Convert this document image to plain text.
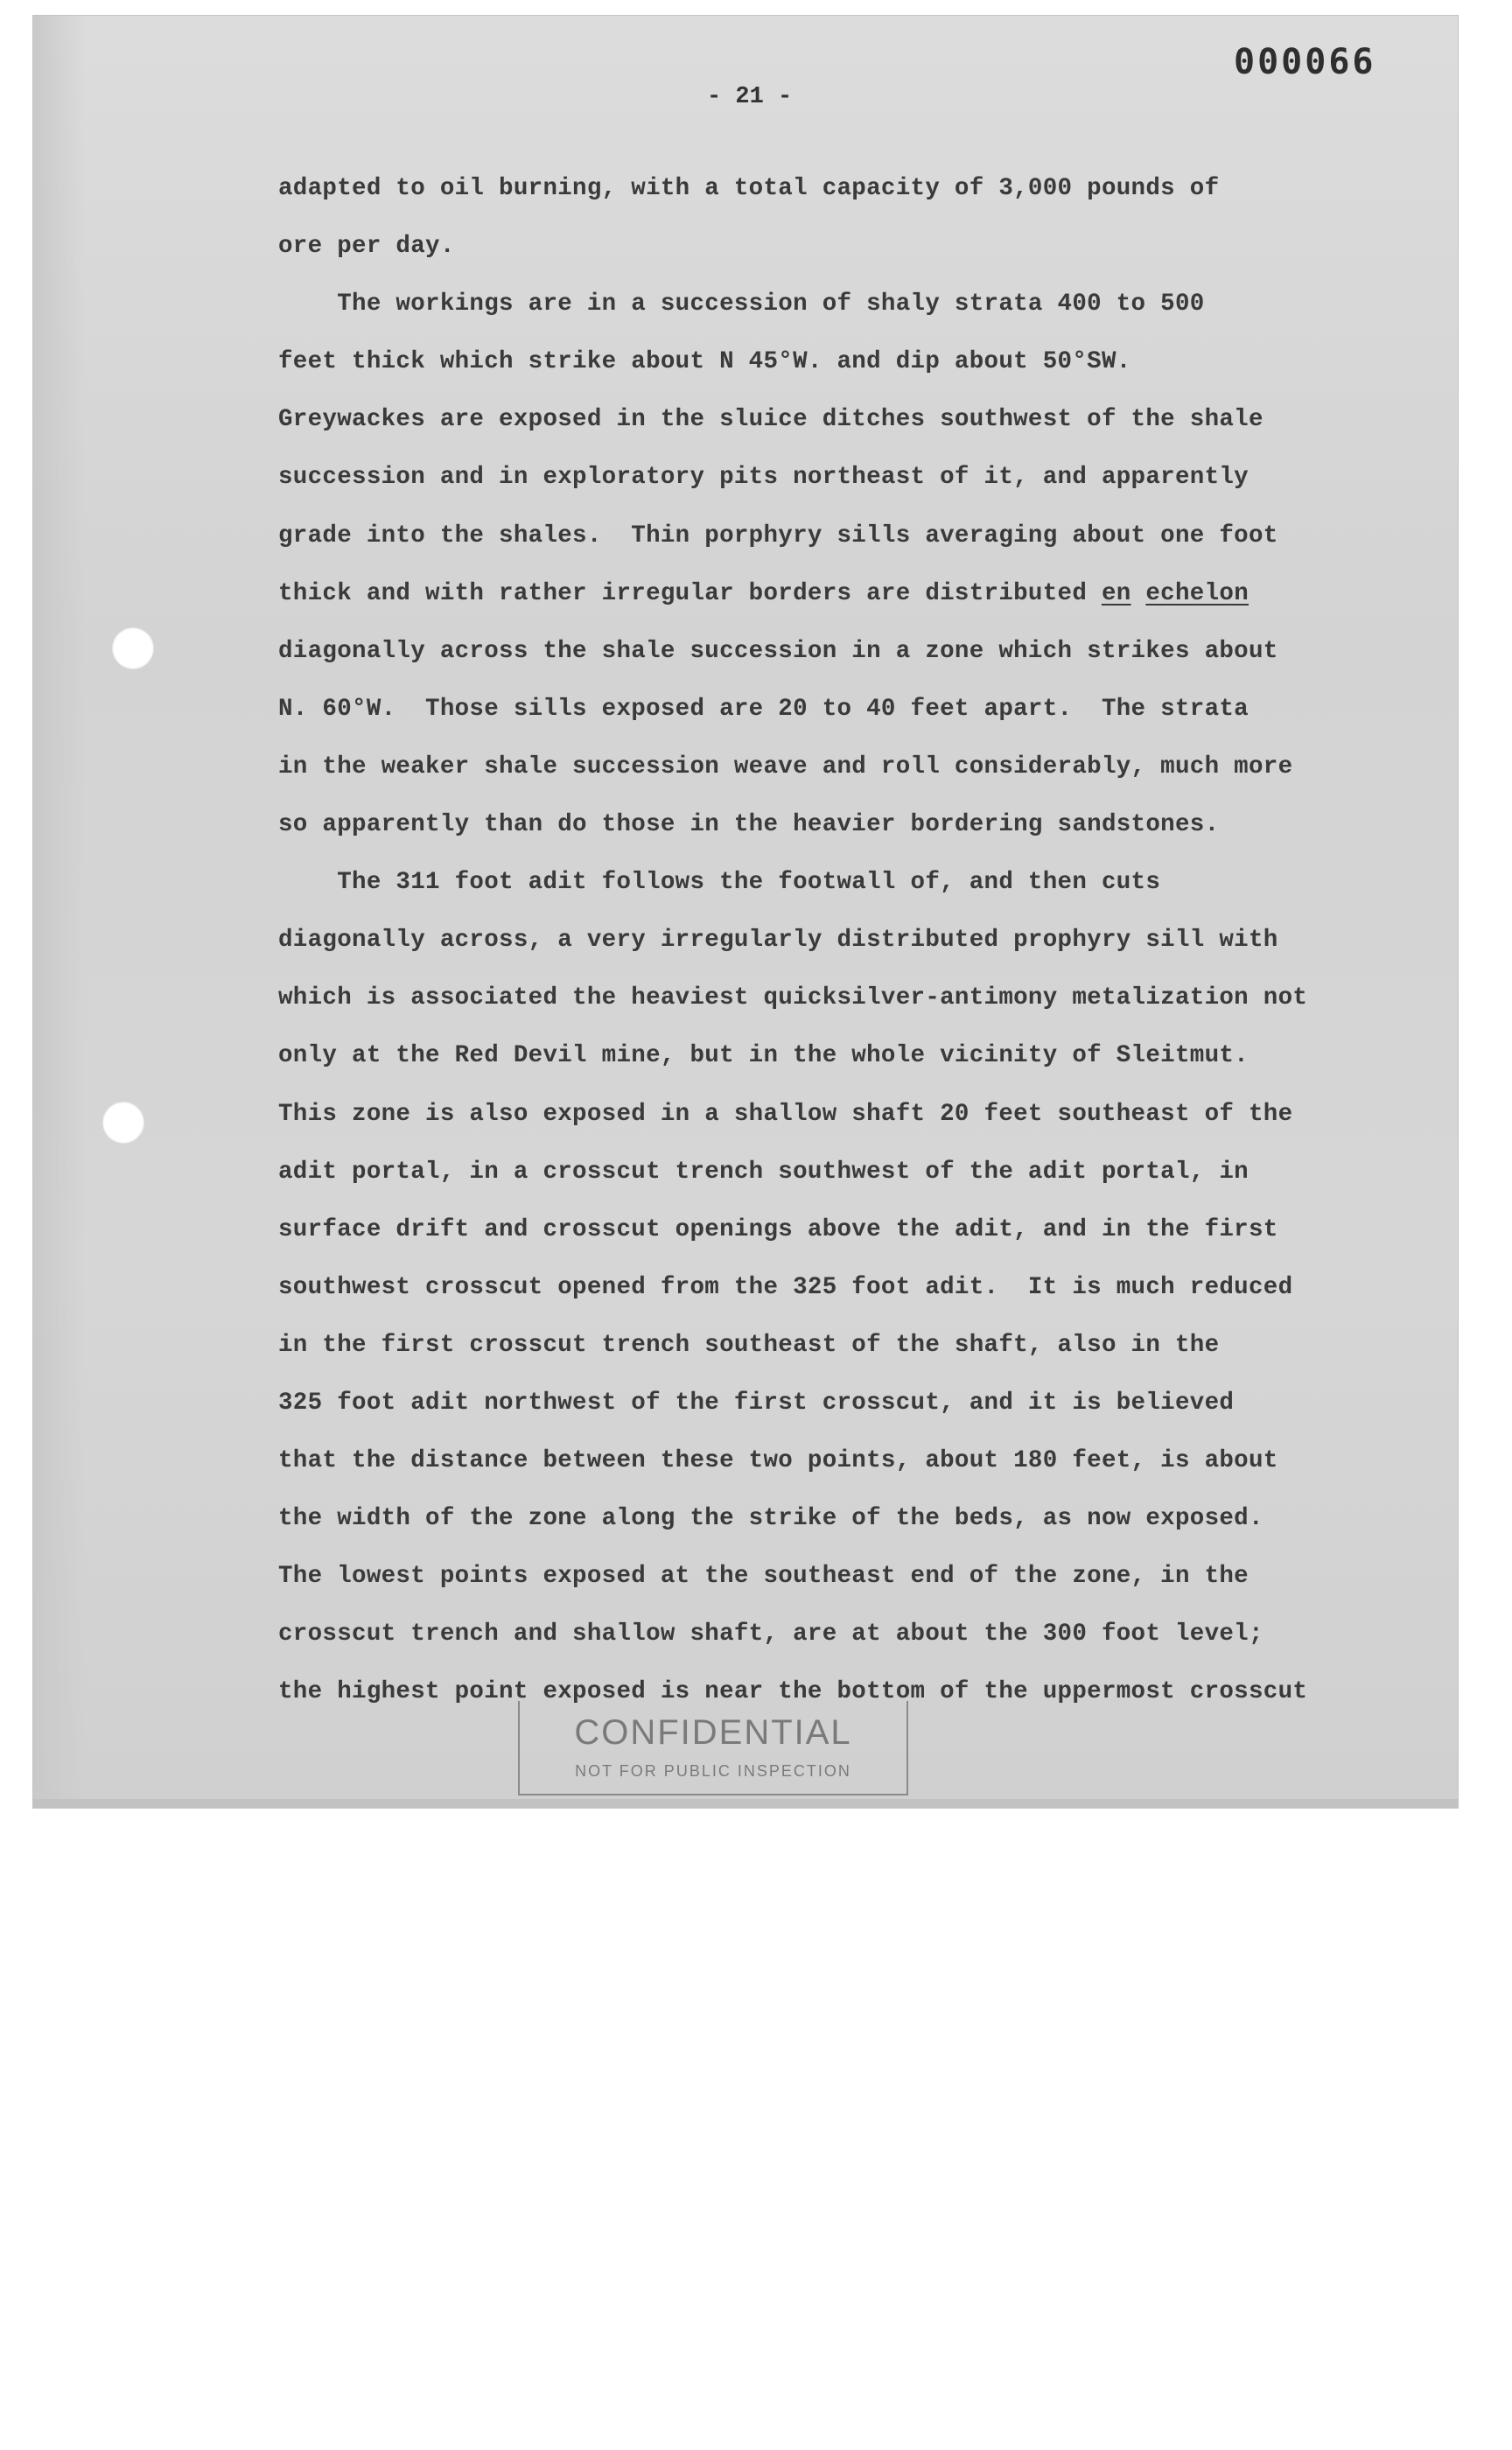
000066
- 21 -

adapted to oil burning, with a total capacity of 3,000 pounds of

ore per day.

The workings are in a succession of shaly strata 400 to 500

feet thick which strike about N 45°W. and dip about 50°SW.

Greywackes are exposed in the sluice ditches southwest of the shale

succession and in exploratory pits northeast of it, and apparently

grade into the shales.  Thin porphyry sills averaging about one foot

thick and with rather irregular borders are distributed en echelon

diagonally across the shale succession in a zone which strikes about

N. 60°W.  Those sills exposed are 20 to 40 feet apart.  The strata

in the weaker shale succession weave and roll considerably, much more

so apparently than do those in the heavier bordering sandstones.

The 311 foot adit follows the footwall of, and then cuts

diagonally across, a very irregularly distributed prophyry sill with

which is associated the heaviest quicksilver-antimony metalization not

only at the Red Devil mine, but in the whole vicinity of Sleitmut.

This zone is also exposed in a shallow shaft 20 feet southeast of the

adit portal, in a crosscut trench southwest of the adit portal, in

surface drift and crosscut openings above the adit, and in the first

southwest crosscut opened from the 325 foot adit.  It is much reduced

in the first crosscut trench southeast of the shaft, also in the

325 foot adit northwest of the first crosscut, and it is believed

that the distance between these two points, about 180 feet, is about

the width of the zone along the strike of the beds, as now exposed.

The lowest points exposed at the southeast end of the zone, in the

crosscut trench and shallow shaft, are at about the 300 foot level;

the highest point exposed is near the bottom of the uppermost crosscut

CONFIDENTIAL
NOT FOR PUBLIC INSPECTION
